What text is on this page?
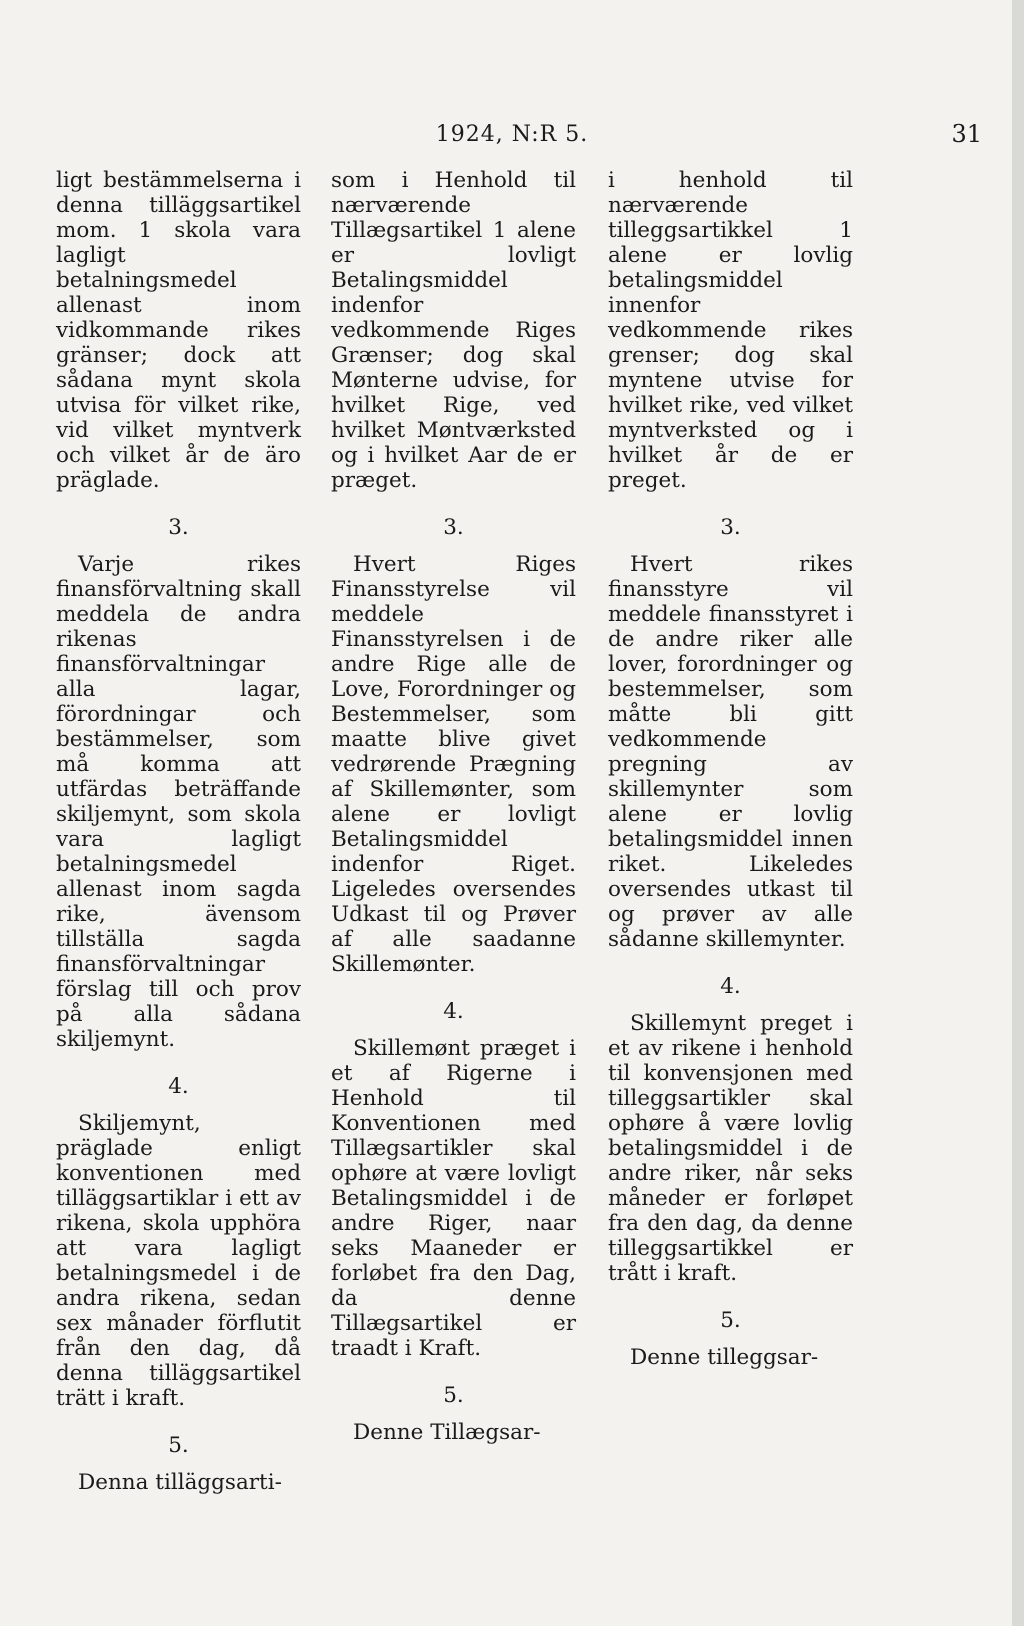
1924, N:R 5.	31

ligt bestämmelserna i denna tilläggsartikel mom. 1 skola vara lagligt betalningsmedel allenast inom vidkommande rikes gränser; dock att sådana mynt skola utvisa för vilket rike, vid vilket myntverk och vilket år de äro präglade.

3.

Varje rikes finansförvaltning skall meddela de andra rikenas finansförvaltningar alla lagar, förordningar och bestämmelser, som må komma att utfärdas beträffande skiljemynt, som skola vara lagligt betalningsmedel allenast inom sagda rike, ävensom tillställa sagda finansförvaltningar förslag till och prov på alla sådana skiljemynt.

4.

Skiljemynt, präglade enligt konventionen med tilläggsartiklar i ett av rikena, skola upphöra att vara lagligt betalningsmedel i de andra rikena, sedan sex månader förflutit från den dag, då denna tilläggsartikel trätt i kraft.

5.

Denna tilläggsarti-

som i Henhold til nærværende Tillægsartikel 1 alene er lovligt Betalingsmiddel indenfor vedkommende Riges Grænser; dog skal Mønterne udvise, for hvilket Rige, ved hvilket Møntværksted og i hvilket Aar de er præget.

3.

Hvert Riges Finansstyrelse vil meddele Finansstyrelsen i de andre Rige alle de Love, Forordninger og Bestemmelser, som maatte blive givet vedrørende Prægning af Skillemønter, som alene er lovligt Betalingsmiddel indenfor Riget. Ligeledes oversendes Udkast til og Prøver af alle saadanne Skillemønter.

4.

Skillemønt præget i et af Rigerne i Henhold til Konventionen med Tillægsartikler skal ophøre at være lovligt Betalingsmiddel i de andre Riger, naar seks Maaneder er forløbet fra den Dag, da denne Tillægsartikel er traadt i Kraft.

5.

Denne Tillægsar-

i henhold til nærværende tilleggsartikkel 1 alene er lovlig betalingsmiddel innenfor vedkommende rikes grenser; dog skal myntene utvise for hvilket rike, ved vilket myntverksted og i hvilket år de er preget.

3.

Hvert rikes finansstyre vil meddele finansstyret i de andre riker alle lover, forordninger og bestemmelser, som måtte bli gitt vedkommende pregning av skillemynter som alene er lovlig betalingsmiddel innen riket. Likeledes oversendes utkast til og prøver av alle sådanne skillemynter.

4.

Skillemynt preget i et av rikene i henhold til konvensjonen med tilleggsartikler skal ophøre å være lovlig betalingsmiddel i de andre riker, når seks måneder er forløpet fra den dag, da denne tilleggsartikkel er trått i kraft.

5.

Denne tilleggsar-
